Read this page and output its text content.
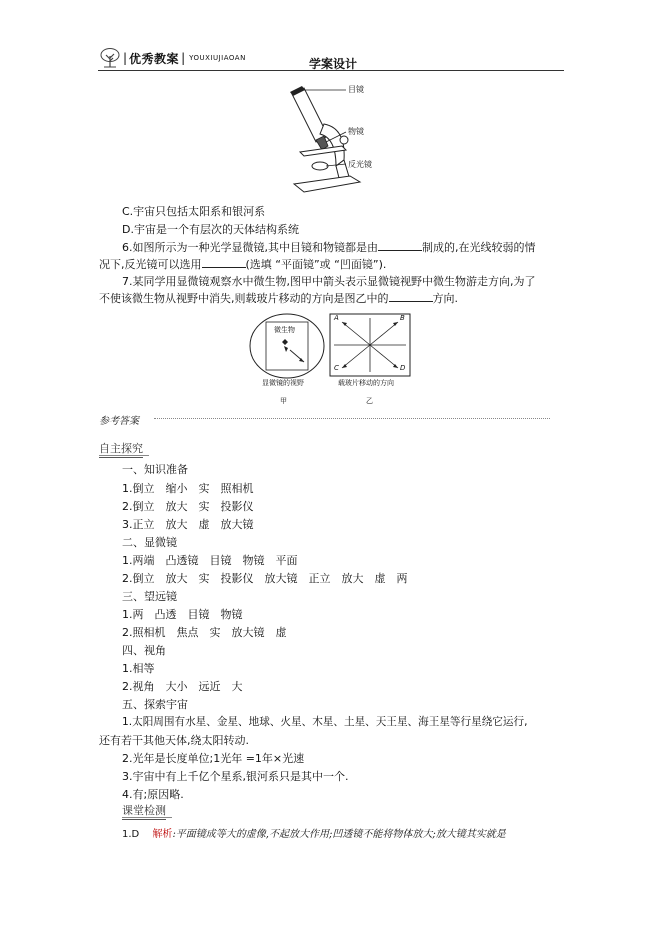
| 优秀教案 | YOUXIUJIAOAN	学案设计
目镜
物镜
反光镜
C.宇宙只包括太阳系和银河系
D.宇宙是一个有层次的天体结构系统
6.如图所示为一种光学显微镜,其中目镜和物镜都是由	制成的,在光线较弱的情
况下,反光镜可以选用	(选填 “平面镜”或 “凹面镜”).
7.某同学用显微镜观察水中微生物,图甲中箭头表示显微镜视野中微生物游走方向,为了
不使该微生物从视野中消失,则载玻片移动的方向是图乙中的	方向.
微生物
显微镜的视野
甲
A	B
C	D
载玻片移动的方向
乙
参考答案
自主探究
一、知识准备
1.倒立　缩小　实　照相机
2.倒立　放大　实　投影仪
3.正立　放大　虚　放大镜
二、显微镜
1.两端　凸透镜　目镜　物镜　平面
2.倒立　放大　实　投影仪　放大镜　正立　放大　虚　两
三、望远镜
1.两　凸透　目镜　物镜
2.照相机　焦点　实　放大镜　虚
四、视角
1.相等
2.视角　大小　远近　大
五、探索宇宙
1.太阳周围有水星、金星、地球、火星、木星、土星、天王星、海王星等行星绕它运行,
还有若干其他天体,绕太阳转动.
2.光年是长度单位;1光年 =1年×光速
3.宇宙中有上千亿个星系,银河系只是其中一个.
4.有;原因略.
课堂检测
1.D 解析:平面镜成等大的虚像,不起放大作用;凹透镜不能将物体放大;放大镜其实就是
